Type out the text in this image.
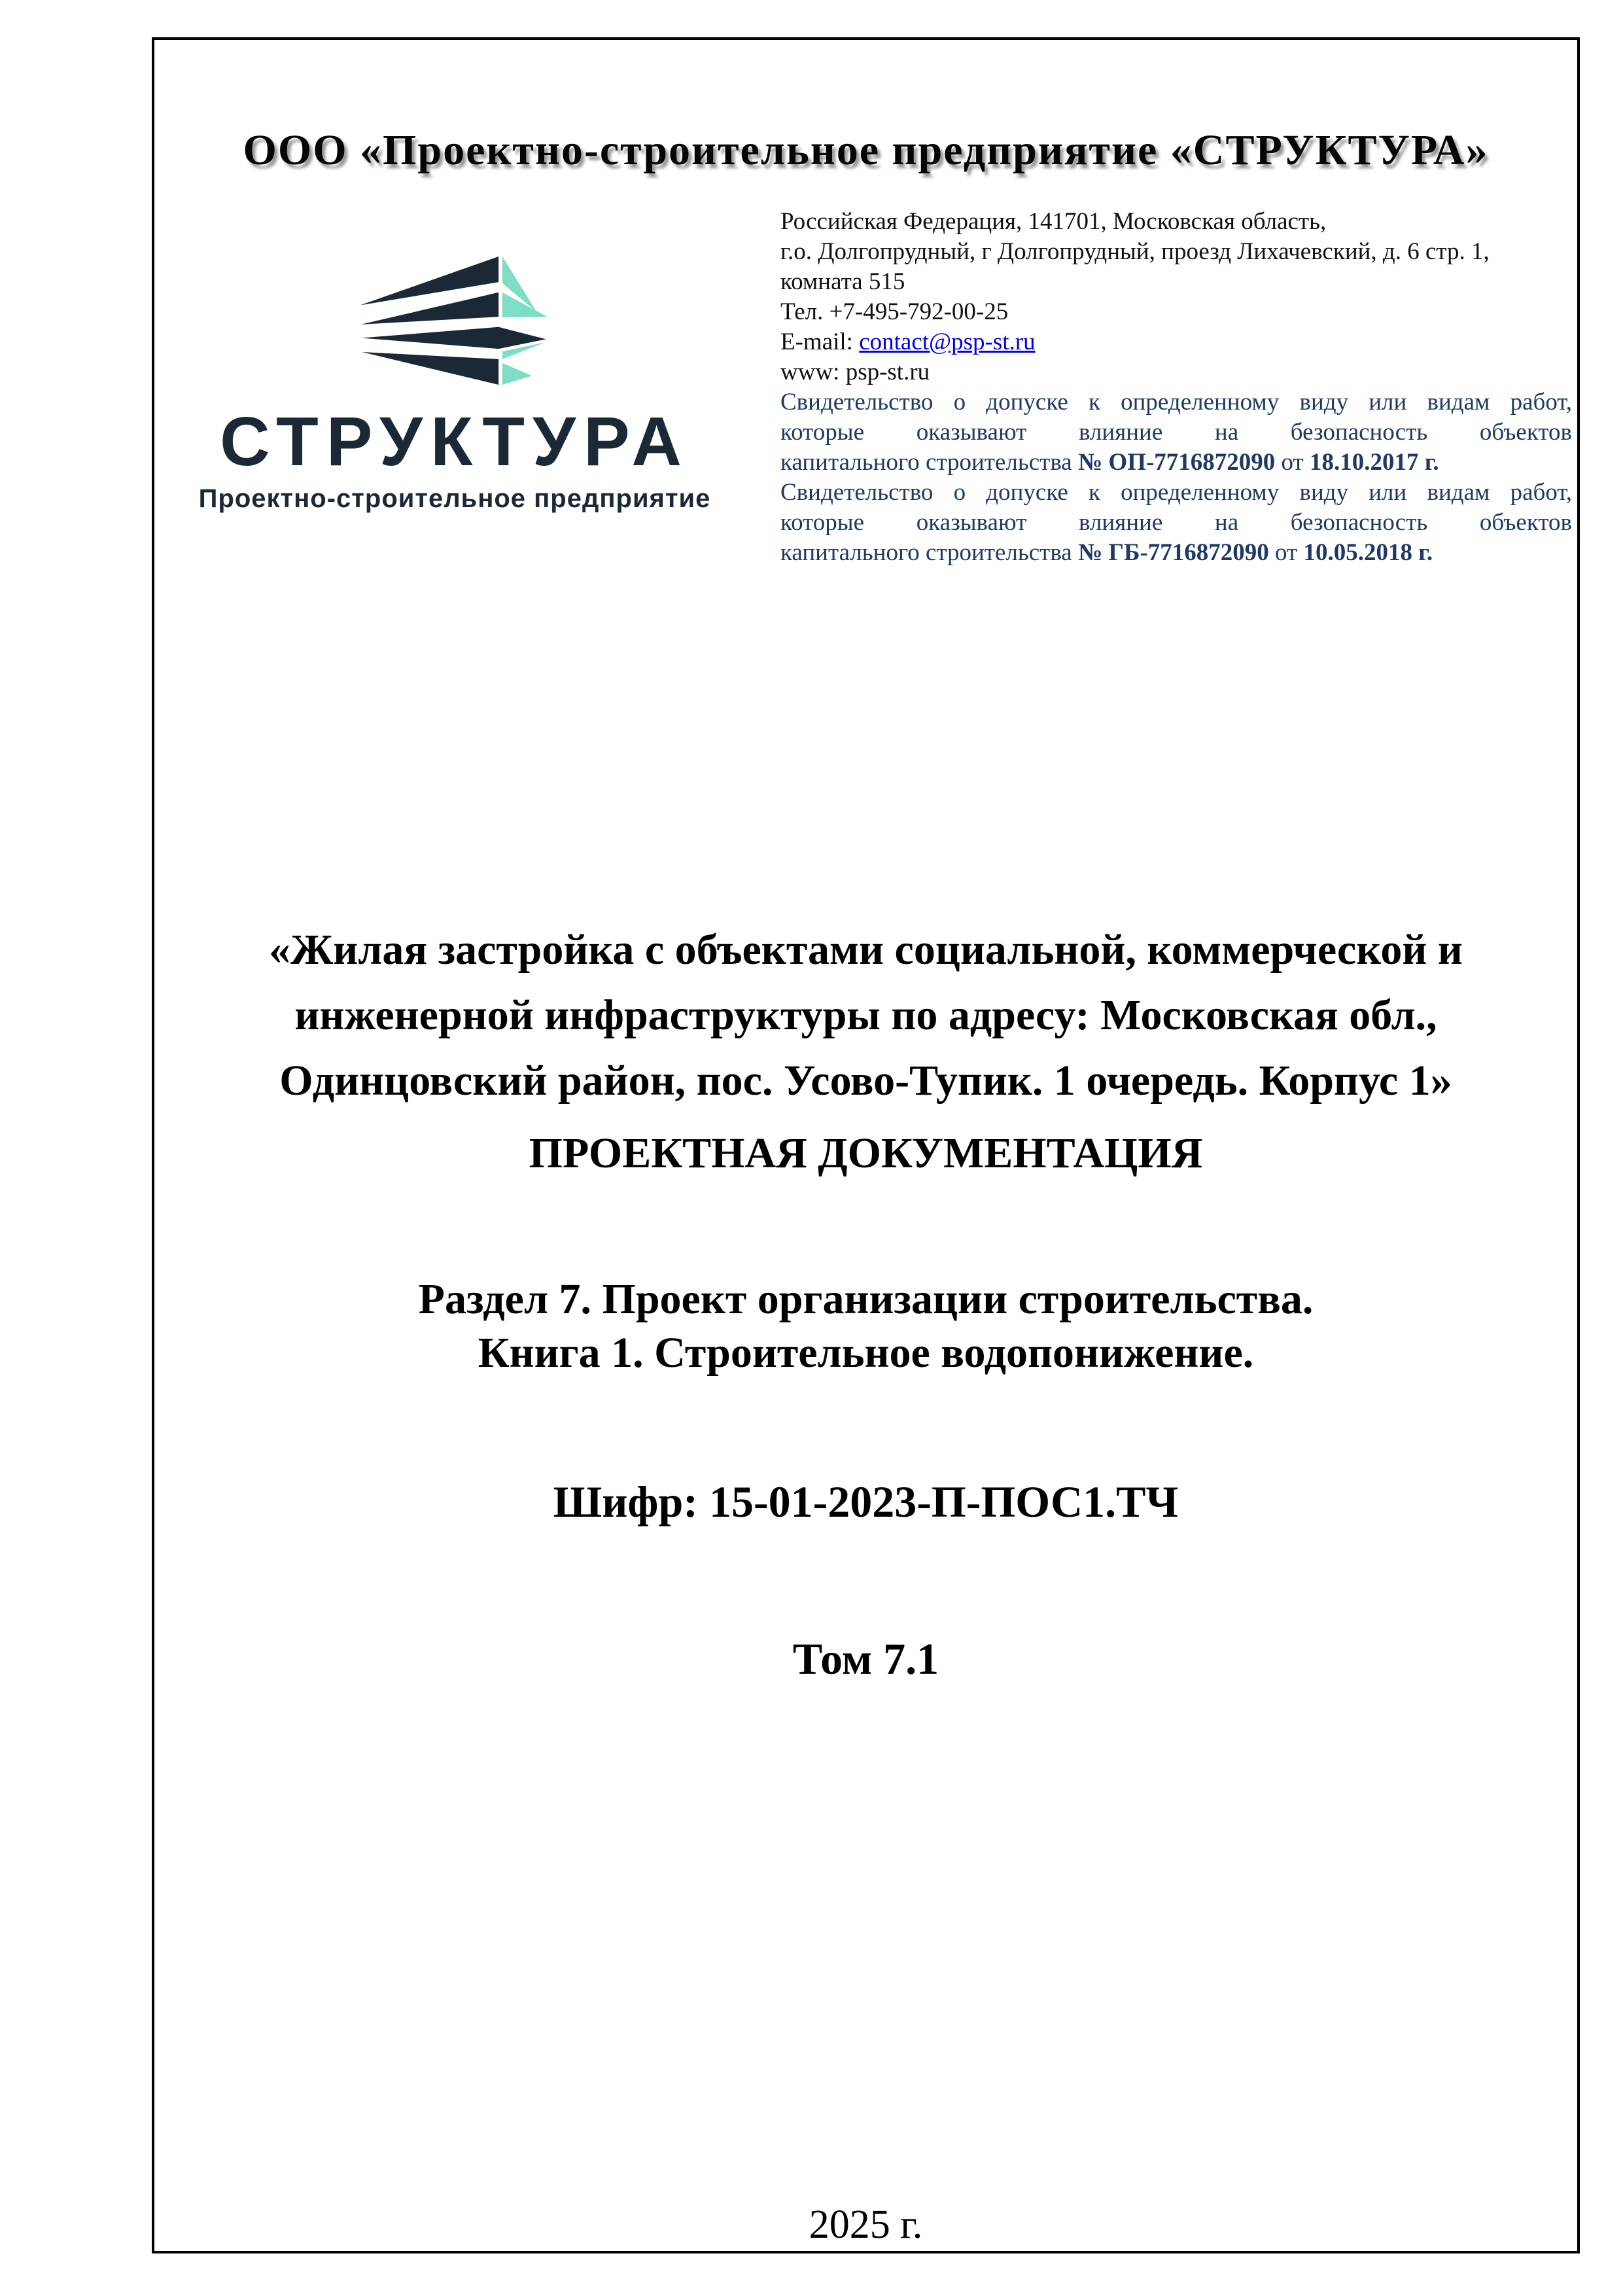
ООО «Проектно-строительное предприятие «СТРУКТУРА»
СТРУКТУРА
Проектно-строительное предприятие
Российская Федерация, 141701, Московская область,
г.о. Долгопрудный, г Долгопрудный, проезд Лихачевский, д. 6 стр. 1,
комната 515
Тел. +7-495-792-00-25
E-mail: contact@psp-st.ru
www: psp-st.ru
Свидетельство о допуске к определенному виду или видам работ,
которые оказывают влияние на безопасность объектов
капитального строительства № ОП-7716872090 от 18.10.2017 г.
Свидетельство о допуске к определенному виду или видам работ,
которые оказывают влияние на безопасность объектов
капитального строительства № ГБ-7716872090 от 10.05.2018 г.
«Жилая застройка с объектами социальной, коммерческой и
инженерной инфраструктуры по адресу: Московская обл.,
Одинцовский район, пос. Усово-Тупик. 1 очередь. Корпус 1»
ПРОЕКТНАЯ ДОКУМЕНТАЦИЯ
Раздел 7. Проект организации строительства.
Книга 1. Строительное водопонижение.
Шифр: 15-01-2023-П-ПОС1.ТЧ
Том 7.1
2025 г.
